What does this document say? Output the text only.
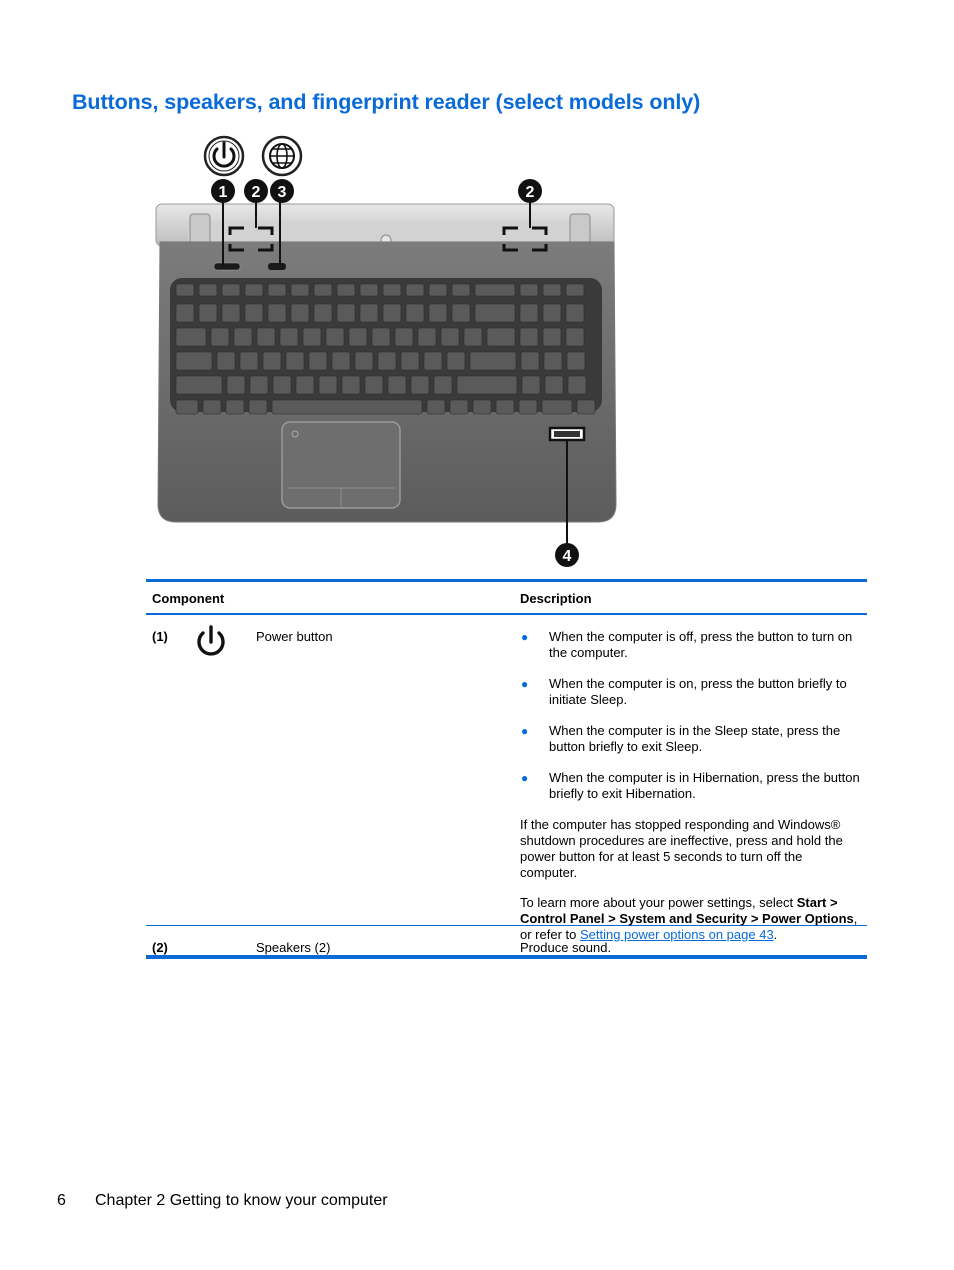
Buttons, speakers, and fingerprint reader (select models only)
1 2 3	2
4
Component	Description
(1)	Power button	● When the computer is off, press the button to turn on the computer.
● When the computer is on, press the button briefly to initiate Sleep.
● When the computer is in the Sleep state, press the button briefly to exit Sleep.
● When the computer is in Hibernation, press the button briefly to exit Hibernation.

If the computer has stopped responding and Windows® shutdown procedures are ineffective, press and hold the power button for at least 5 seconds to turn off the computer.

To learn more about your power settings, select Start > Control Panel > System and Security > Power Options, or refer to Setting power options on page 43.

(2)	Speakers (2)	Produce sound.
6 Chapter 2 Getting to know your computer
